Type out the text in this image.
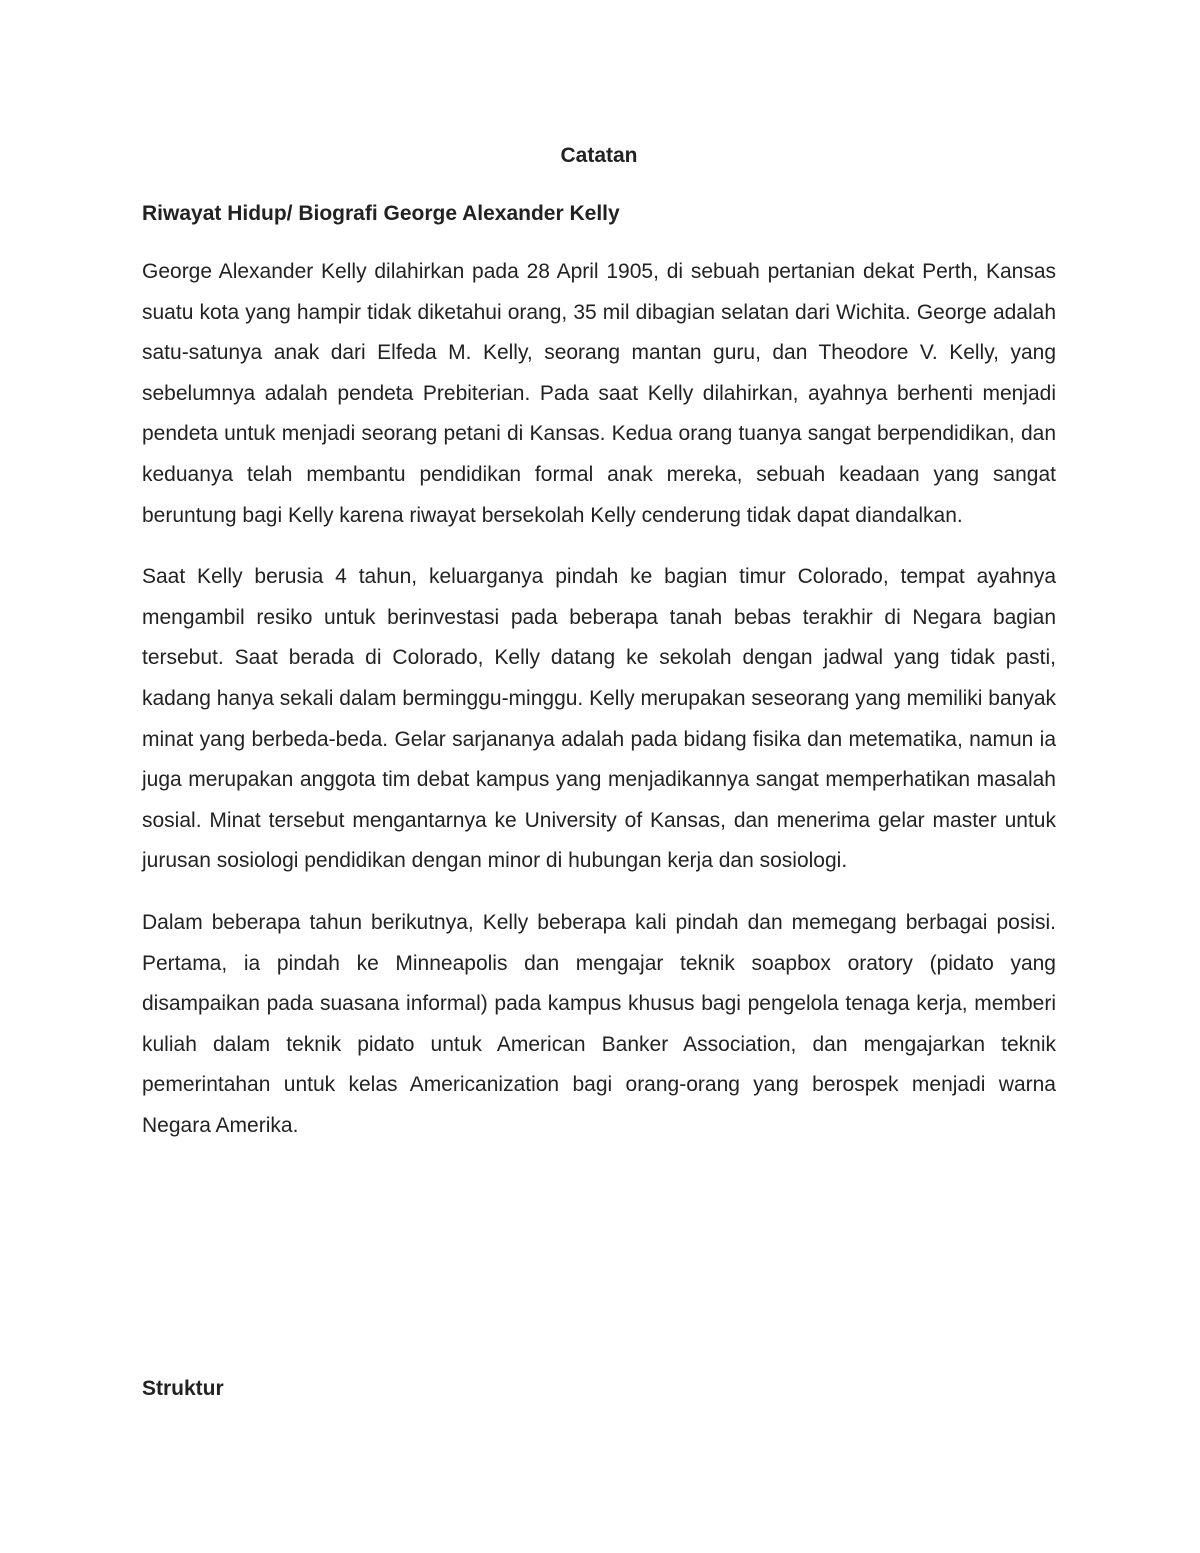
Catatan
Riwayat Hidup/ Biografi George Alexander Kelly

George Alexander Kelly dilahirkan pada 28 April 1905, di sebuah pertanian dekat Perth, Kansas suatu kota yang hampir tidak diketahui orang, 35 mil dibagian selatan dari Wichita. George adalah satu-satunya anak dari Elfeda M. Kelly, seorang mantan guru, dan Theodore V. Kelly, yang sebelumnya adalah pendeta Prebiterian. Pada saat Kelly dilahirkan, ayahnya berhenti menjadi pendeta untuk menjadi seorang petani di Kansas. Kedua orang tuanya sangat berpendidikan, dan keduanya telah membantu pendidikan formal anak mereka, sebuah keadaan yang sangat beruntung bagi Kelly karena riwayat bersekolah Kelly cenderung tidak dapat diandalkan.

Saat Kelly berusia 4 tahun, keluarganya pindah ke bagian timur Colorado, tempat ayahnya mengambil resiko untuk berinvestasi pada beberapa tanah bebas terakhir di Negara bagian tersebut. Saat berada di Colorado, Kelly datang ke sekolah dengan jadwal yang tidak pasti, kadang hanya sekali dalam berminggu-minggu. Kelly merupakan seseorang yang memiliki banyak minat yang berbeda-beda. Gelar sarjananya adalah pada bidang fisika dan metematika, namun ia juga merupakan anggota tim debat kampus yang menjadikannya sangat memperhatikan masalah sosial. Minat tersebut mengantarnya ke University of Kansas, dan menerima gelar master untuk jurusan sosiologi pendidikan dengan minor di hubungan kerja dan sosiologi.

Dalam beberapa tahun berikutnya, Kelly beberapa kali pindah dan memegang berbagai posisi. Pertama, ia pindah ke Minneapolis dan mengajar teknik soapbox oratory (pidato yang disampaikan pada suasana informal) pada kampus khusus bagi pengelola tenaga kerja, memberi kuliah dalam teknik pidato untuk American Banker Association, dan mengajarkan teknik pemerintahan untuk kelas Americanization bagi orang-orang yang berospek menjadi warna Negara Amerika.

Struktur
